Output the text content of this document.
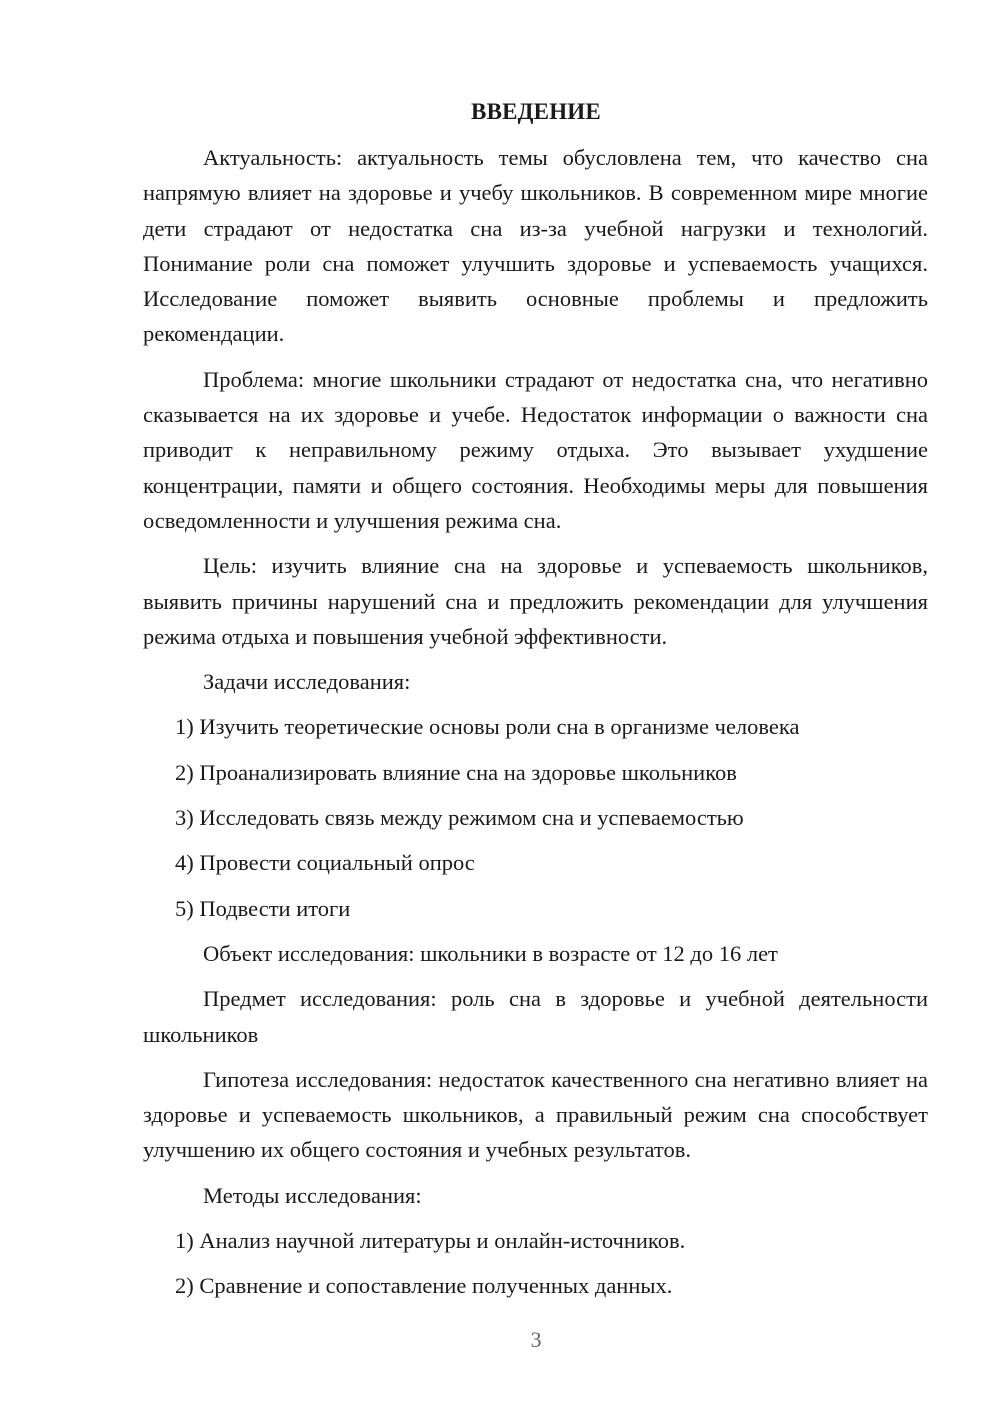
ВВЕДЕНИЕ

Актуальность: актуальность темы обусловлена тем, что качество сна напрямую влияет на здоровье и учебу школьников. В современном мире многие дети страдают от недостатка сна из-за учебной нагрузки и технологий. Понимание роли сна поможет улучшить здоровье и успеваемость учащихся. Исследование поможет выявить основные проблемы и предложить рекомендации.

Проблема: многие школьники страдают от недостатка сна, что негативно сказывается на их здоровье и учебе. Недостаток информации о важности сна приводит к неправильному режиму отдыха. Это вызывает ухудшение концентрации, памяти и общего состояния. Необходимы меры для повышения осведомленности и улучшения режима сна.

Цель: изучить влияние сна на здоровье и успеваемость школьников, выявить причины нарушений сна и предложить рекомендации для улучшения режима отдыха и повышения учебной эффективности.

Задачи исследования:

1) Изучить теоретические основы роли сна в организме человека

2) Проанализировать влияние сна на здоровье школьников

3) Исследовать связь между режимом сна и успеваемостью

4) Провести социальный опрос

5) Подвести итоги

Объект исследования: школьники в возрасте от 12 до 16 лет

Предмет исследования: роль сна в здоровье и учебной деятельности школьников

Гипотеза исследования: недостаток качественного сна негативно влияет на здоровье и успеваемость школьников, а правильный режим сна способствует улучшению их общего состояния и учебных результатов.

Методы исследования:

1) Анализ научной литературы и онлайн-источников.

2) Сравнение и сопоставление полученных данных.

3
